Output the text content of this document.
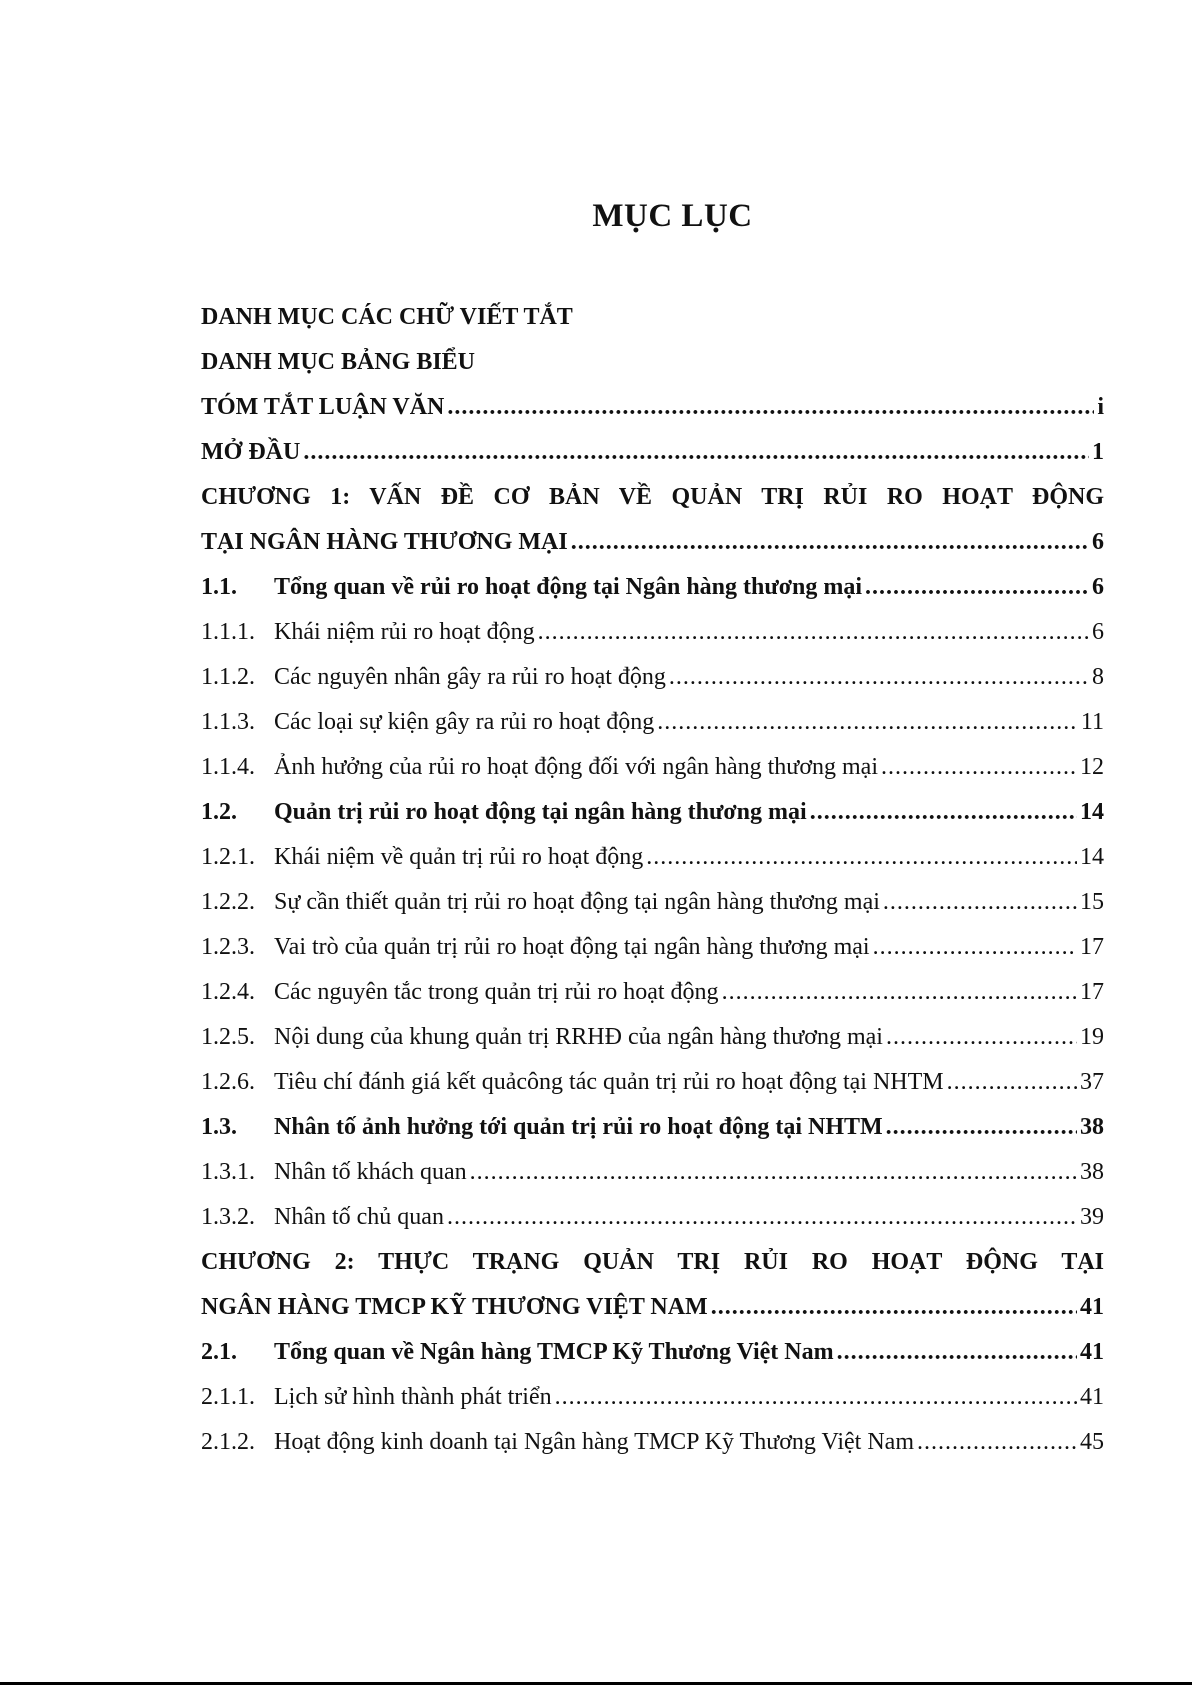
MỤC LỤC
DANH MỤC CÁC CHỮ VIẾT TẮT
DANH MỤC BẢNG BIỂU
TÓM TẮT LUẬN VĂN .....	i
MỞ ĐẦU .....	1
CHƯƠNG 1: VẤN ĐỀ CƠ BẢN VỀ QUẢN TRỊ RỦI RO HOẠT ĐỘNG
TẠI NGÂN HÀNG THƯƠNG MẠI .....	6
1.1.	Tổng quan về rủi ro hoạt động tại Ngân hàng thương mại .....	6
1.1.1. Khái niệm rủi ro hoạt động .....	6
1.1.2. Các nguyên nhân gây ra rủi ro hoạt động .....	8
1.1.3. Các loại sự kiện gây ra rủi ro hoạt động .....	11
1.1.4. Ảnh hưởng của rủi ro hoạt động đối với ngân hàng thương mại .....	12
1.2.	Quản trị rủi ro hoạt động tại ngân hàng thương mại .....	14
1.2.1. Khái niệm về quản trị rủi ro hoạt động .....	14
1.2.2. Sự cần thiết quản trị rủi ro hoạt động tại ngân hàng thương mại .....	15
1.2.3. Vai trò của quản trị rủi ro hoạt động tại ngân hàng thương mại .....	17
1.2.4. Các nguyên tắc trong quản trị rủi ro hoạt động .....	17
1.2.5. Nội dung của khung quản trị RRHĐ của ngân hàng thương mại .....	19
1.2.6. Tiêu chí đánh giá kết quảcông tác quản trị rủi ro hoạt động tại NHTM .....	37
1.3.	Nhân tố ảnh hưởng tới quản trị rủi ro hoạt động tại NHTM .....	38
1.3.1. Nhân tố khách quan .....	38
1.3.2. Nhân tố chủ quan .....	39
CHƯƠNG 2: THỰC TRẠNG QUẢN TRỊ RỦI RO HOẠT ĐỘNG TẠI
NGÂN HÀNG TMCP KỸ THƯƠNG VIỆT NAM .....	41
2.1.	Tổng quan về Ngân hàng TMCP Kỹ Thương Việt Nam .....	41
2.1.1. Lịch sử hình thành phát triển .....	41
2.1.2. Hoạt động kinh doanh tại Ngân hàng TMCP Kỹ Thương Việt Nam .....	45
